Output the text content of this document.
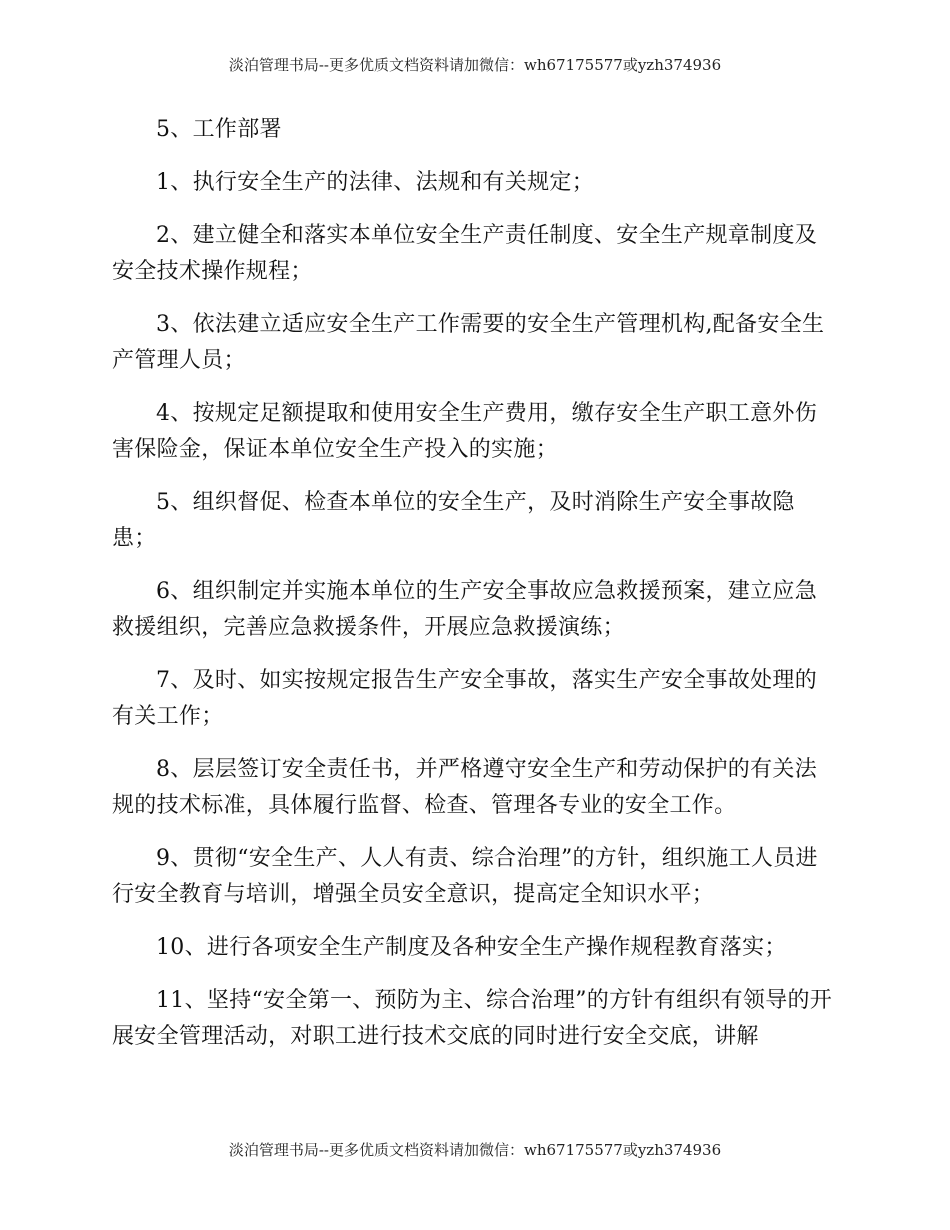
淡泊管理书局--更多优质文档资料请加微信：wh67175577或yzh374936

5、工作部署

1、执行安全生产的法律、法规和有关规定；

2、建立健全和落实本单位安全生产责任制度、安全生产规章制度及安全技术操作规程；

3、依法建立适应安全生产工作需要的安全生产管理机构,配备安全生产管理人员；

4、按规定足额提取和使用安全生产费用，缴存安全生产职工意外伤害保险金，保证本单位安全生产投入的实施；

5、组织督促、检查本单位的安全生产，及时消除生产安全事故隐患；

6、组织制定并实施本单位的生产安全事故应急救援预案，建立应急救援组织，完善应急救援条件，开展应急救援演练；

7、及时、如实按规定报告生产安全事故，落实生产安全事故处理的有关工作；

8、层层签订安全责任书，并严格遵守安全生产和劳动保护的有关法规的技术标准，具体履行监督、检查、管理各专业的安全工作。

9、贯彻“安全生产、人人有责、综合治理”的方针，组织施工人员进行安全教育与培训，增强全员安全意识，提高定全知识水平；

10、进行各项安全生产制度及各种安全生产操作规程教育落实；

11、坚持“安全第一、预防为主、综合治理”的方针有组织有领导的开展安全管理活动，对职工进行技术交底的同时进行安全交底，讲解

淡泊管理书局--更多优质文档资料请加微信：wh67175577或yzh374936
